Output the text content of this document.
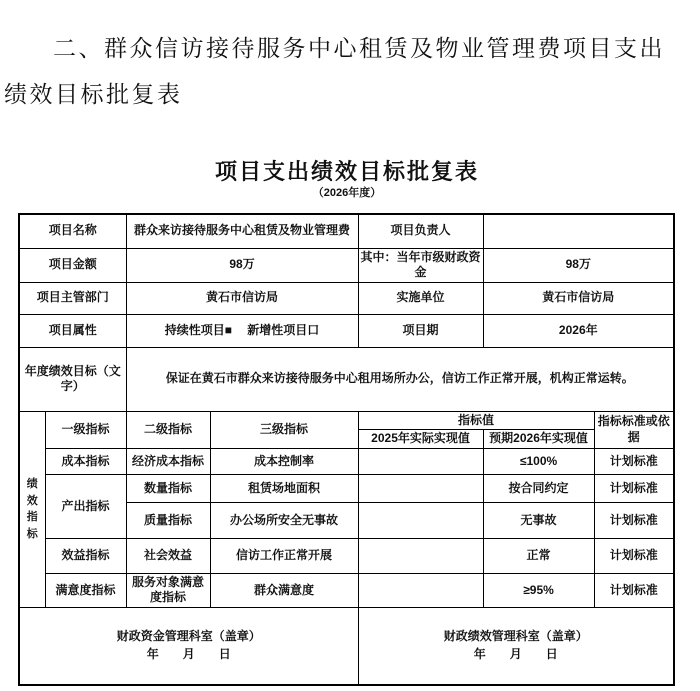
二、群众信访接待服务中心租赁及物业管理费项目支出
绩效目标批复表

项目支出绩效目标批复表
（2026年度）
项目名称		群众来访接待服务中心租赁及物业管理费		项目负责人		
项目金额		98万		其中：当年市级财政资金	98万	
项目主管部门		黄石市信访局		实施单位	黄石市信访局	
项目属性		持续性项目■　 新增性项目口		项目期	2026年	
年度绩效目标（文字）		保证在黄石市群众来访接待服务中心租用场所办公，信访工作正常开展，机构正常运转。				

绩效指标	一级指标	二级指标	三级指标	指标值		指标标准或依据
				2025年实际实现值	预期2026年实现值	
	成本指标	经济成本指标	成本控制率		≤100%	计划标准
	产出指标	数量指标	租赁场地面积		按合同约定	计划标准
		质量指标	办公场所安全无事故		无事故	计划标准
	效益指标	社会效益	信访工作正常开展		正常	计划标准
	满意度指标	服务对象满意度指标	群众满意度		≥95%	计划标准

财政资金管理科室（盖章）
年　　月　　日

财政绩效管理科室（盖章）
年　　月　　日
